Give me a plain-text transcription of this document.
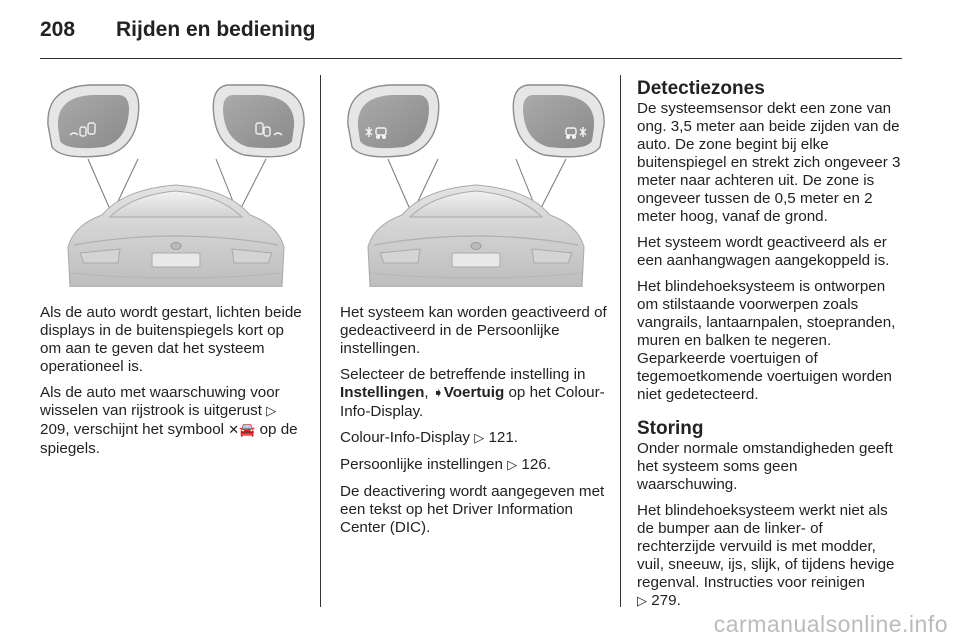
208 Rijden en bediening

Als de auto wordt gestart, lichten beide displays in de buitenspiegels kort op om aan te geven dat het systeem operationeel is.

Als de auto met waarschuwing voor wisselen van rijstrook is uitgerust ▷ 209, verschijnt het symbool ✕🚘 op de spiegels.

Het systeem kan worden geactiveerd of gedeactiveerd in de Persoonlijke instellingen.

Selecteer de betreffende instelling in Instellingen, ➧Voertuig op het Colour-Info-Display.

Colour-Info-Display ▷ 121.

Persoonlijke instellingen ▷ 126.

De deactivering wordt aangegeven met een tekst op het Driver Information Center (DIC).

Detectiezones

De systeemsensor dekt een zone van ong. 3,5 meter aan beide zijden van de auto. De zone begint bij elke buitenspiegel en strekt zich ongeveer 3 meter naar achteren uit. De zone is ongeveer tussen de 0,5 meter en 2 meter hoog, vanaf de grond.

Het systeem wordt geactiveerd als er een aanhangwagen aangekoppeld is.

Het blindehoeksysteem is ontworpen om stilstaande voorwerpen zoals vangrails, lantaarnpalen, stoepranden, muren en balken te negeren. Geparkeerde voertuigen of tegemoetkomende voertuigen worden niet gedetecteerd.

Storing

Onder normale omstandigheden geeft het systeem soms geen waarschuwing.

Het blindehoeksysteem werkt niet als de bumper aan de linker- of rechterzijde vervuild is met modder, vuil, sneeuw, ijs, slijk, of tijdens hevige regenval. Instructies voor reinigen
▷ 279.

carmanualsonline.info
